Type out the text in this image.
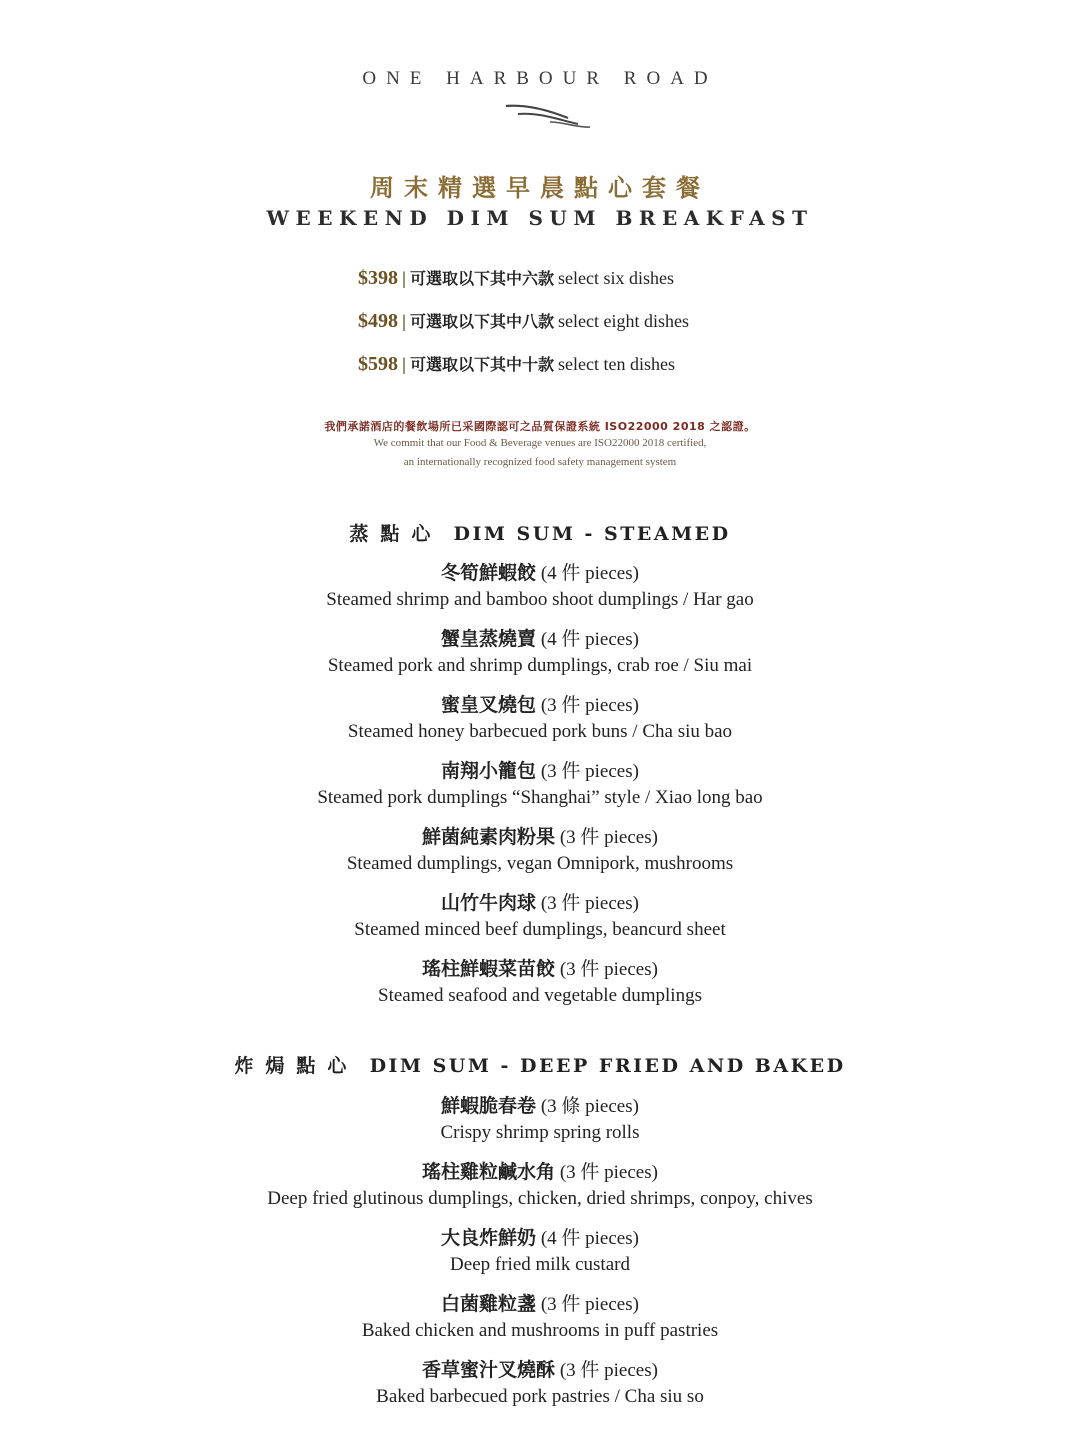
ONE HARBOUR ROAD
周末精選早晨點心套餐
WEEKEND DIM SUM BREAKFAST
$398 | 可選取以下其中六款 select six dishes
$498 | 可選取以下其中八款 select eight dishes
$598 | 可選取以下其中十款 select ten dishes
我們承諾酒店的餐飲場所已采國際認可之品質保證系統 ISO22000 2018 之認證。
We commit that our Food & Beverage venues are ISO22000 2018 certified,
an internationally recognized food safety management system
蒸點心 DIM SUM - STEAMED
冬筍鮮蝦餃 (4 件 pieces)
Steamed shrimp and bamboo shoot dumplings / Har gao
蟹皇蒸燒賣 (4 件 pieces)
Steamed pork and shrimp dumplings, crab roe / Siu mai
蜜皇叉燒包 (3 件 pieces)
Steamed honey barbecued pork buns / Cha siu bao
南翔小籠包 (3 件 pieces)
Steamed pork dumplings “Shanghai” style / Xiao long bao
鮮菌純素肉粉果 (3 件 pieces)
Steamed dumplings, vegan Omnipork, mushrooms
山竹牛肉球 (3 件 pieces)
Steamed minced beef dumplings, beancurd sheet
瑤柱鮮蝦菜苗餃 (3 件 pieces)
Steamed seafood and vegetable dumplings
炸焗點心 DIM SUM - DEEP FRIED AND BAKED
鮮蝦脆春卷 (3 條 pieces)
Crispy shrimp spring rolls
瑤柱雞粒鹹水角 (3 件 pieces)
Deep fried glutinous dumplings, chicken, dried shrimps, conpoy, chives
大良炸鮮奶 (4 件 pieces)
Deep fried milk custard
白菌雞粒盞 (3 件 pieces)
Baked chicken and mushrooms in puff pastries
香草蜜汁叉燒酥 (3 件 pieces)
Baked barbecued pork pastries / Cha siu so
